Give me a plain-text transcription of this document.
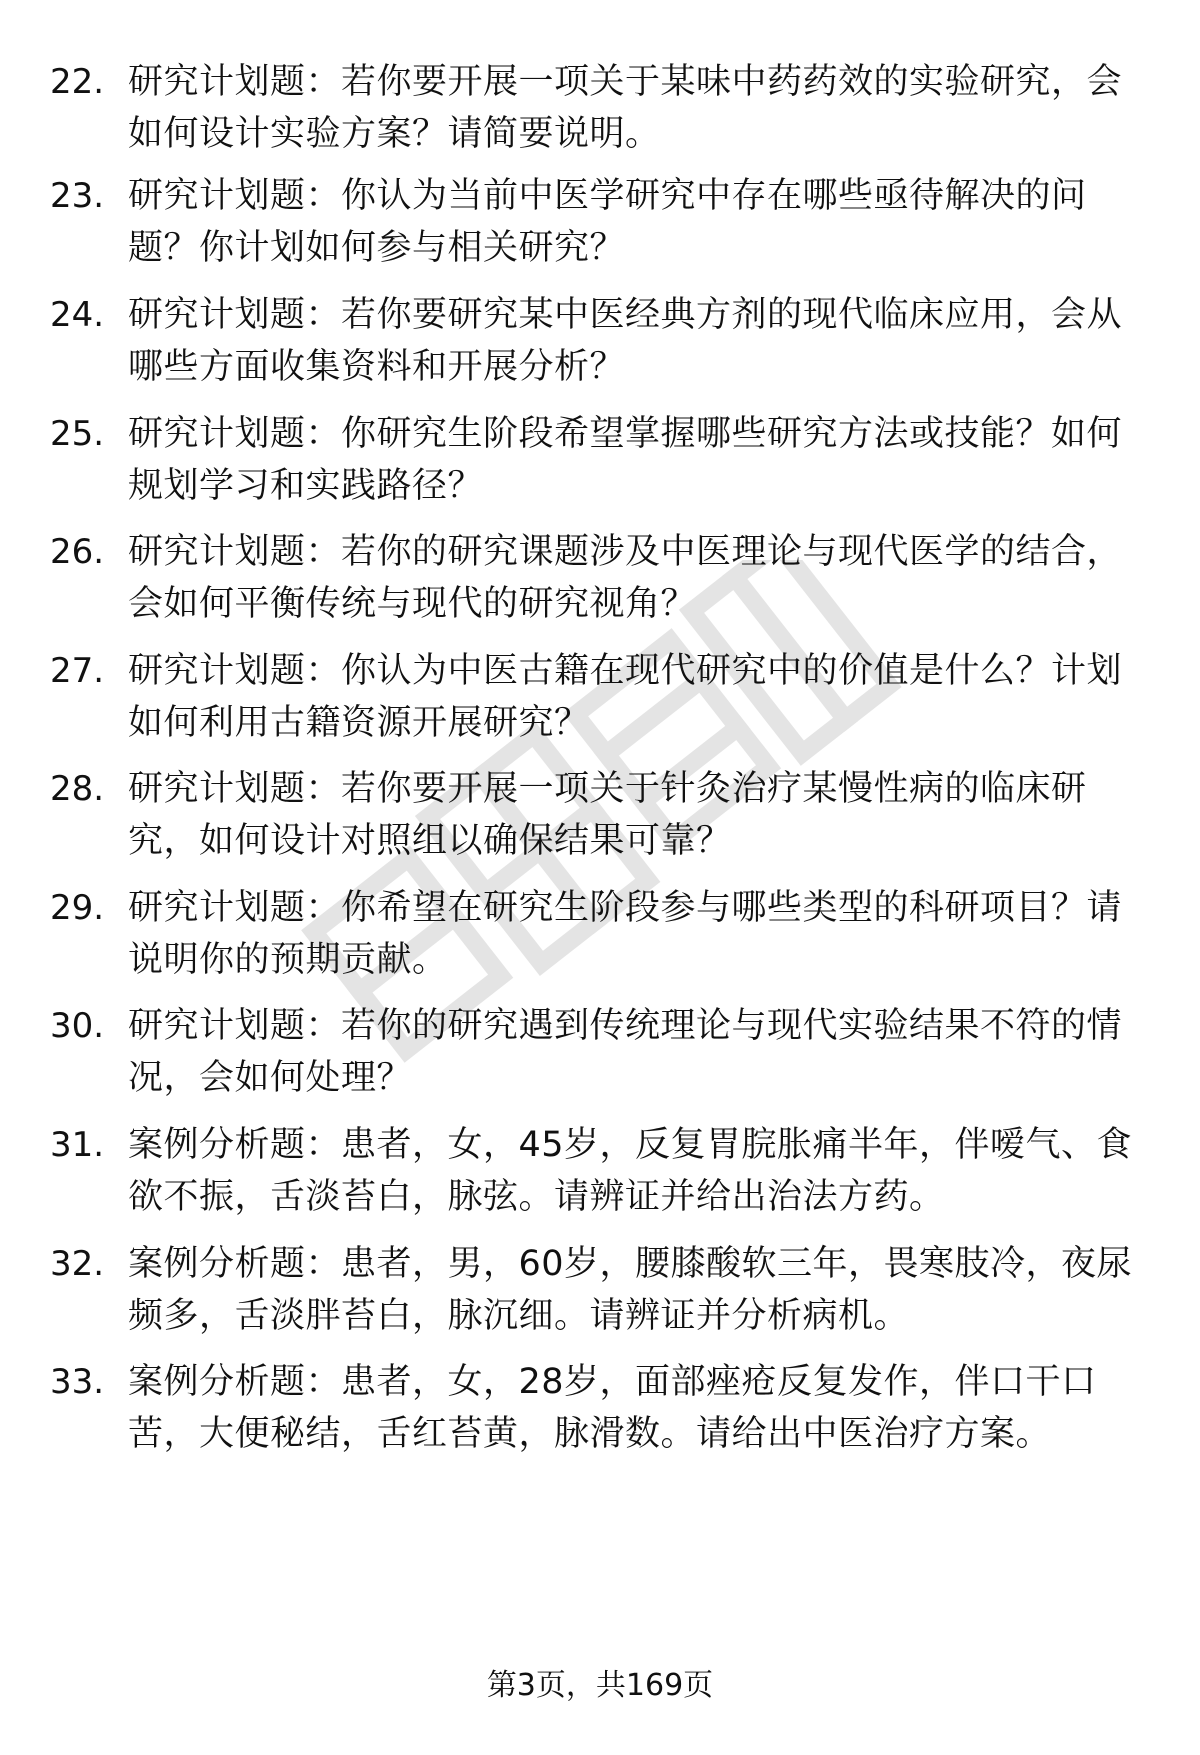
22. 研究计划题：若你要开展一项关于某味中药药效的实验研究，会
如何设计实验方案？请简要说明。
23. 研究计划题：你认为当前中医学研究中存在哪些亟待解决的问
题？你计划如何参与相关研究？
24. 研究计划题：若你要研究某中医经典方剂的现代临床应用，会从
哪些方面收集资料和开展分析？
25. 研究计划题：你研究生阶段希望掌握哪些研究方法或技能？如何
规划学习和实践路径？
26. 研究计划题：若你的研究课题涉及中医理论与现代医学的结合，
会如何平衡传统与现代的研究视角？
27. 研究计划题：你认为中医古籍在现代研究中的价值是什么？计划
如何利用古籍资源开展研究？
28. 研究计划题：若你要开展一项关于针灸治疗某慢性病的临床研
究，如何设计对照组以确保结果可靠？
29. 研究计划题：你希望在研究生阶段参与哪些类型的科研项目？请
说明你的预期贡献。
30. 研究计划题：若你的研究遇到传统理论与现代实验结果不符的情
况，会如何处理？
31. 案例分析题：患者，女，45岁，反复胃脘胀痛半年，伴嗳气、食
欲不振，舌淡苔白，脉弦。请辨证并给出治法方药。
32. 案例分析题：患者，男，60岁，腰膝酸软三年，畏寒肢冷，夜尿
频多，舌淡胖苔白，脉沉细。请辨证并分析病机。
33. 案例分析题：患者，女，28岁，面部痤疮反复发作，伴口干口
苦，大便秘结，舌红苔黄，脉滑数。请给出中医治疗方案。
第3页，共169页
